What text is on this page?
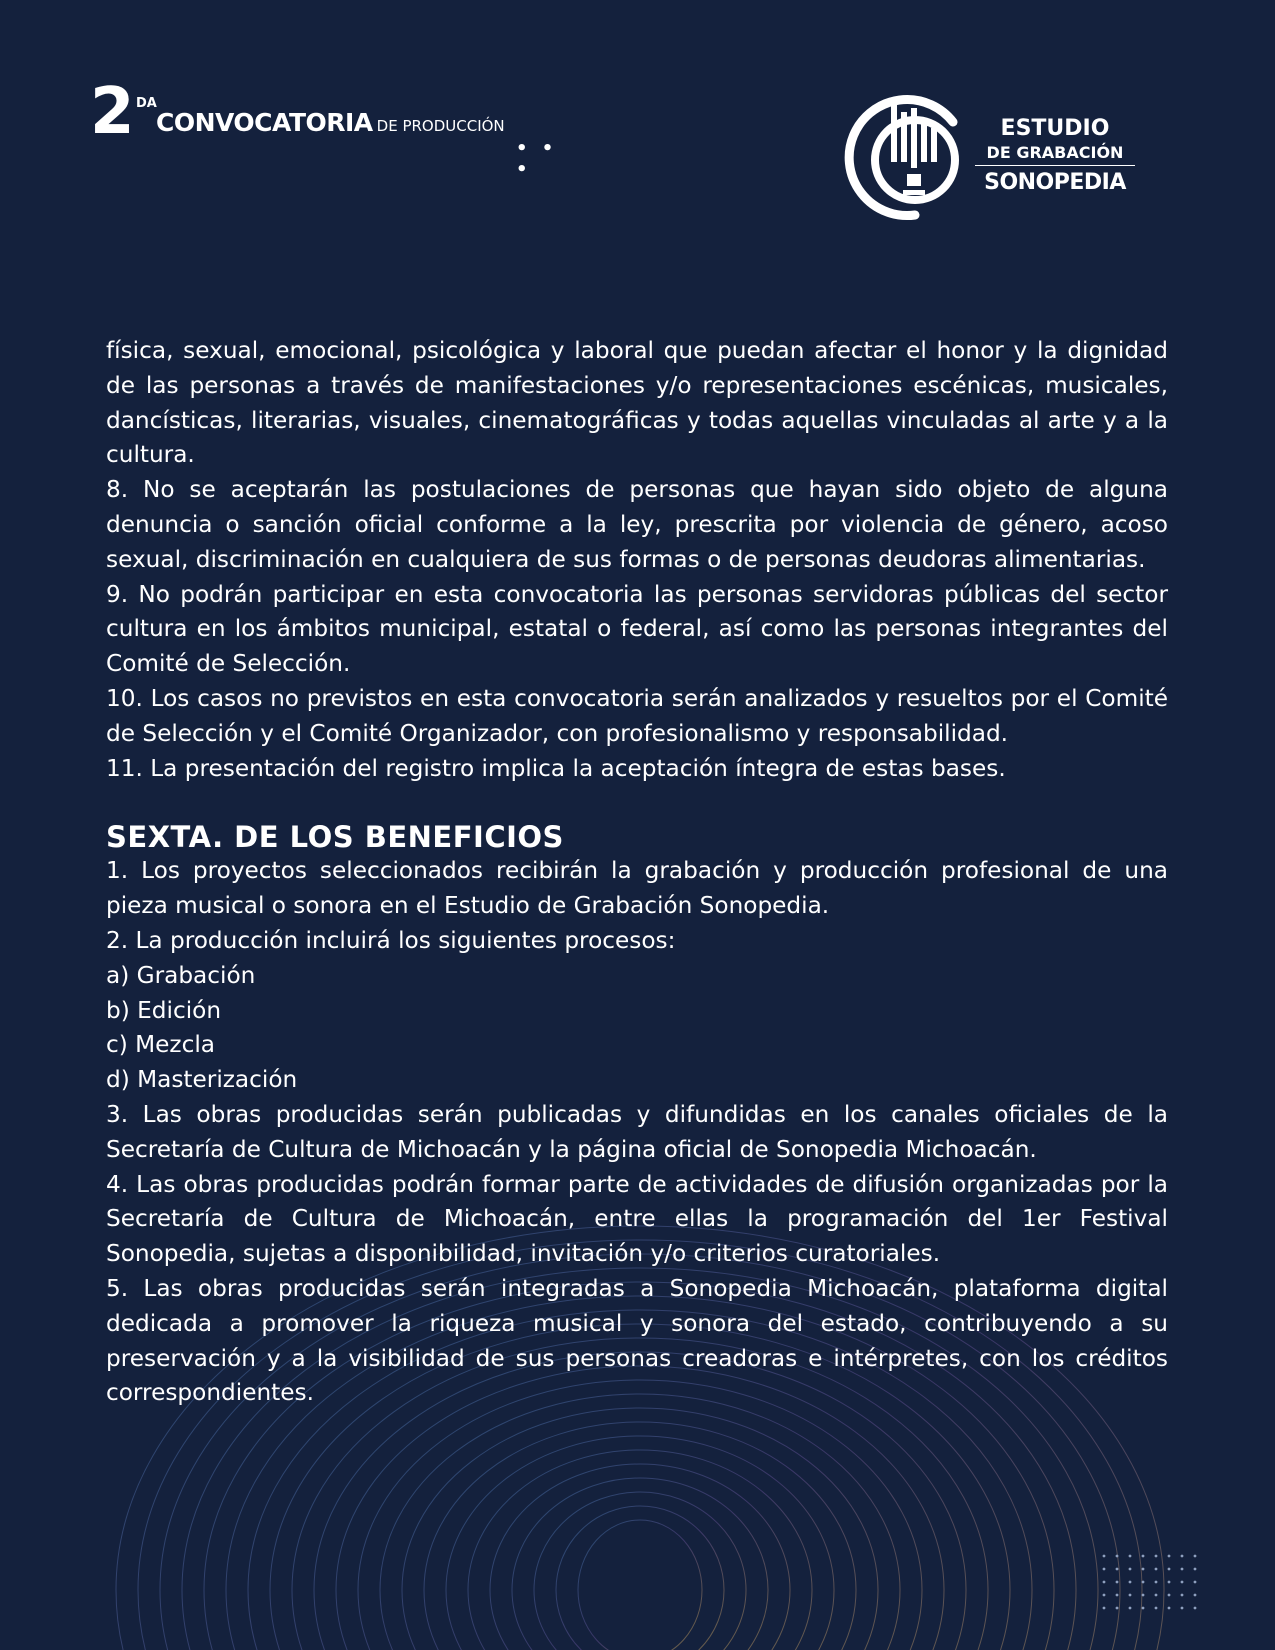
2 DA
CONVOCATORIA DE PRODUCCIÓN
• • •
ESTUDIO
DE GRABACIÓN
SONOPEDIA

física, sexual, emocional, psicológica y laboral que puedan afectar el honor y la dignidad de las personas a través de manifestaciones y/o representaciones escénicas, musicales, dancísticas, literarias, visuales, cinematográficas y todas aquellas vinculadas al arte y a la cultura.

8. No se aceptarán las postulaciones de personas que hayan sido objeto de alguna denuncia o sanción oficial conforme a la ley, prescrita por violencia de género, acoso sexual, discriminación en cualquiera de sus formas o de personas deudoras alimentarias.

9. No podrán participar en esta convocatoria las personas servidoras públicas del sector cultura en los ámbitos municipal, estatal o federal, así como las personas integrantes del Comité de Selección.

10. Los casos no previstos en esta convocatoria serán analizados y resueltos por el Comité de Selección y el Comité Organizador, con profesionalismo y responsabilidad.

11. La presentación del registro implica la aceptación íntegra de estas bases.

SEXTA. DE LOS BENEFICIOS

1. Los proyectos seleccionados recibirán la grabación y producción profesional de una pieza musical o sonora en el Estudio de Grabación Sonopedia.

2. La producción incluirá los siguientes procesos:

a) Grabación

b) Edición

c) Mezcla

d) Masterización

3. Las obras producidas serán publicadas y difundidas en los canales oficiales de la Secretaría de Cultura de Michoacán y la página oficial de Sonopedia Michoacán.

4. Las obras producidas podrán formar parte de actividades de difusión organizadas por la Secretaría de Cultura de Michoacán, entre ellas la programación del 1er Festival Sonopedia, sujetas a disponibilidad, invitación y/o criterios curatoriales.

5. Las obras producidas serán integradas a Sonopedia Michoacán, plataforma digital dedicada a promover la riqueza musical y sonora del estado, contribuyendo a su preservación y a la visibilidad de sus personas creadoras e intérpretes, con los créditos correspondientes.
